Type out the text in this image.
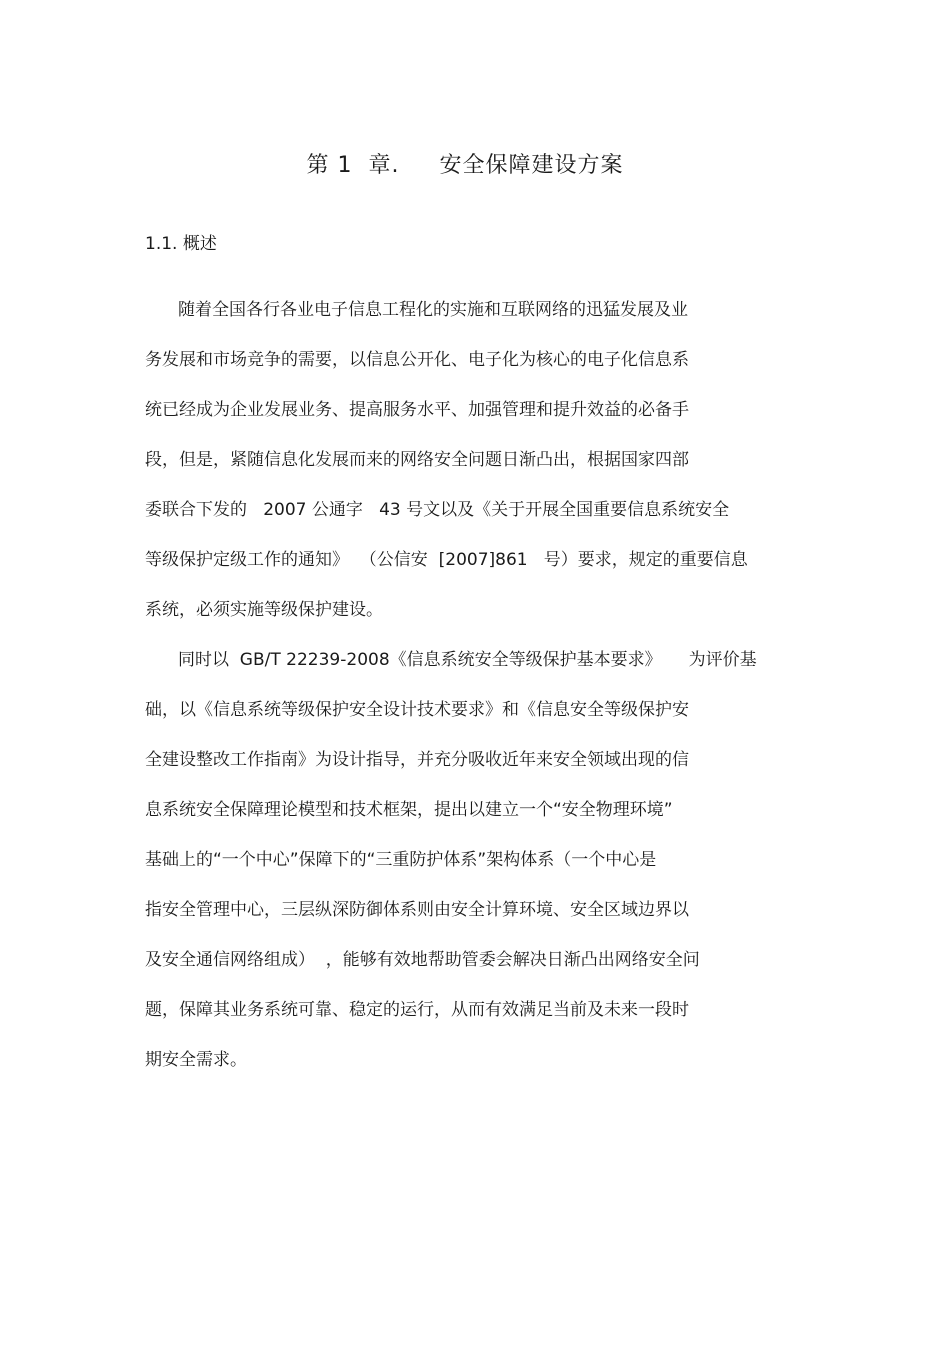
第 1  章.     安全保障建设方案
1.1. 概述
随着全国各行各业电子信息工程化的实施和互联网络的迅猛发展及业
务发展和市场竞争的需要，以信息公开化、电子化为核心的电子化信息系
统已经成为企业发展业务、提高服务水平、加强管理和提升效益的必备手
段，但是，紧随信息化发展而来的网络安全问题日渐凸出，根据国家四部
委联合下发的   2007 公通字   43 号文以及《关于开展全国重要信息系统安全
等级保护定级工作的通知》  （公信安  [2007]861   号）要求，规定的重要信息
系统，必须实施等级保护建设。
同时以  GB/T 22239-2008《信息系统安全等级保护基本要求》     为评价基
础，以《信息系统等级保护安全设计技术要求》和《信息安全等级保护安
全建设整改工作指南》为设计指导，并充分吸收近年来安全领域出现的信
息系统安全保障理论模型和技术框架，提出以建立一个“安全物理环境”
基础上的“一个中心”保障下的“三重防护体系”架构体系（一个中心是
指安全管理中心，三层纵深防御体系则由安全计算环境、安全区域边界以
及安全通信网络组成）  ，能够有效地帮助管委会解决日渐凸出网络安全问
题，保障其业务系统可靠、稳定的运行，从而有效满足当前及未来一段时
期安全需求。
